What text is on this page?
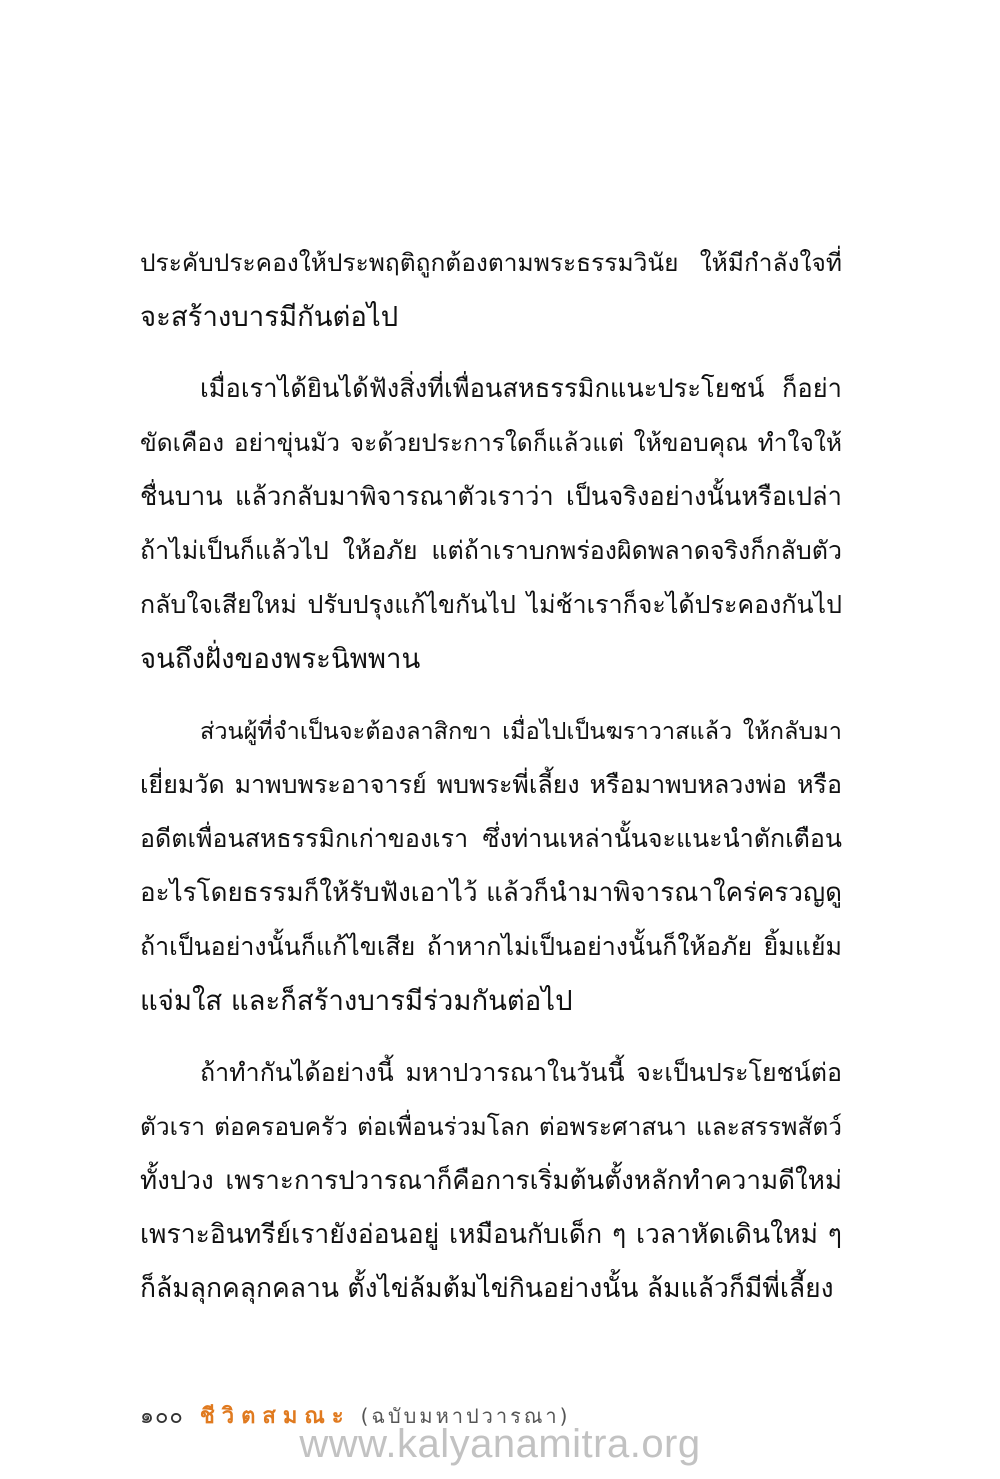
ประคับประคองให้ประพฤติถูกต้องตามพระธรรมวินัย ให้มีกำลังใจที่
จะสร้างบารมีกันต่อไป
เมื่อเราได้ยินได้ฟังสิ่งที่เพื่อนสหธรรมิกแนะประโยชน์ ก็อย่า
ขัดเคือง อย่าขุ่นมัว จะด้วยประการใดก็แล้วแต่ ให้ขอบคุณ ทำใจให้
ชื่นบาน แล้วกลับมาพิจารณาตัวเราว่า เป็นจริงอย่างนั้นหรือเปล่า
ถ้าไม่เป็นก็แล้วไป ให้อภัย แต่ถ้าเราบกพร่องผิดพลาดจริงก็กลับตัว
กลับใจเสียใหม่ ปรับปรุงแก้ไขกันไป ไม่ช้าเราก็จะได้ประคองกันไป
จนถึงฝั่งของพระนิพพาน
ส่วนผู้ที่จำเป็นจะต้องลาสิกขา เมื่อไปเป็นฆราวาสแล้ว ให้กลับมา
เยี่ยมวัด มาพบพระอาจารย์ พบพระพี่เลี้ยง หรือมาพบหลวงพ่อ หรือ
อดีตเพื่อนสหธรรมิกเก่าของเรา ซึ่งท่านเหล่านั้นจะแนะนำตักเตือน
อะไรโดยธรรมก็ให้รับฟังเอาไว้ แล้วก็นำมาพิจารณาใคร่ครวญดู
ถ้าเป็นอย่างนั้นก็แก้ไขเสีย ถ้าหากไม่เป็นอย่างนั้นก็ให้อภัย ยิ้มแย้ม
แจ่มใส และก็สร้างบารมีร่วมกันต่อไป
ถ้าทำกันได้อย่างนี้ มหาปวารณาในวันนี้ จะเป็นประโยชน์ต่อ
ตัวเรา ต่อครอบครัว ต่อเพื่อนร่วมโลก ต่อพระศาสนา และสรรพสัตว์
ทั้งปวง เพราะการปวารณาก็คือการเริ่มต้นตั้งหลักทำความดีใหม่
เพราะอินทรีย์เรายังอ่อนอยู่ เหมือนกับเด็ก ๆ เวลาหัดเดินใหม่ ๆ
ก็ล้มลุกคลุกคลาน ตั้งไข่ล้มต้มไข่กินอย่างนั้น ล้มแล้วก็มีพี่เลี้ยง
๑๐๐ ชีวิตสมณะ (ฉบับมหาปวารณา)
www.kalyanamitra.org
